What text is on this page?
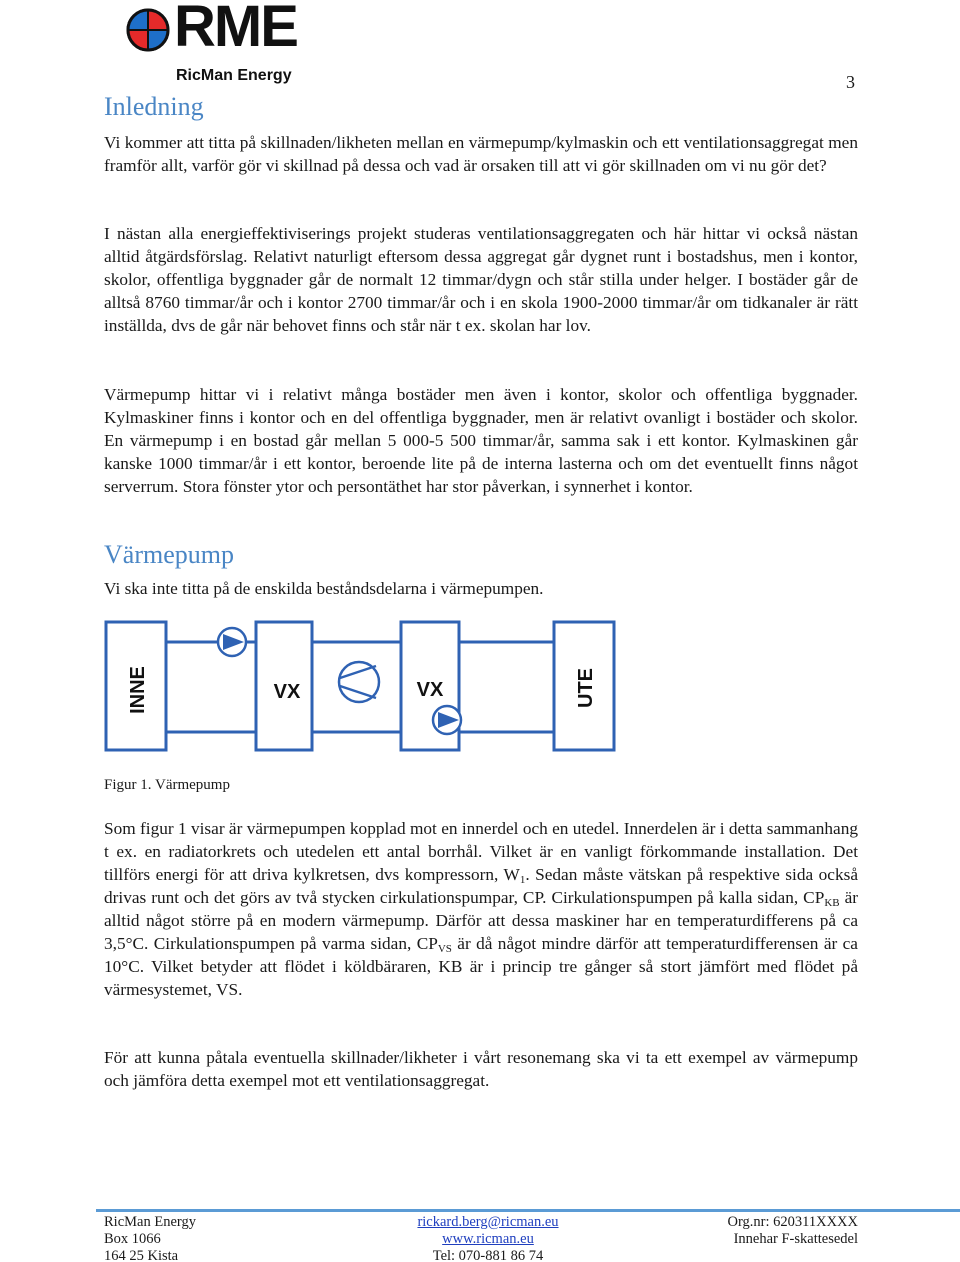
RME
RicMan Energy	3
Inledning

Vi kommer att titta på skillnaden/likheten mellan en värmepump/kylmaskin och ett ventilationsaggregat men framför allt, varför gör vi skillnad på dessa och vad är orsaken till att vi gör skillnaden om vi nu gör det?

I nästan alla energieffektiviserings projekt studeras ventilationsaggregaten och här hittar vi också nästan alltid åtgärdsförslag. Relativt naturligt eftersom dessa aggregat går dygnet runt i bostadshus, men i kontor, skolor, offentliga byggnader går de normalt 12 timmar/dygn och står stilla under helger. I bostäder går de alltså 8760 timmar/år och i kontor 2700 timmar/år och i en skola 1900-2000 timmar/år om tidkanaler är rätt inställda, dvs de går när behovet finns och står när t ex. skolan har lov.

Värmepump hittar vi i relativt många bostäder men även i kontor, skolor och offentliga byggnader. Kylmaskiner finns i kontor och en del offentliga byggnader, men är relativt ovanligt i bostäder och skolor. En värmepump i en bostad går mellan 5 000-5 500 timmar/år, samma sak i ett kontor. Kylmaskinen går kanske 1000 timmar/år i ett kontor, beroende lite på de interna lasterna och om det eventuellt finns något serverrum. Stora fönster ytor och persontäthet har stor påverkan, i synnerhet i kontor.

Värmepump

Vi ska inte titta på de enskilda beståndsdelarna i värmepumpen.

INNE	VX	VX	UTE
Figur 1. Värmepump

Som figur 1 visar är värmepumpen kopplad mot en innerdel och en utedel. Innerdelen är i detta sammanhang t ex. en radiatorkrets och utedelen ett antal borrhål. Vilket är en vanligt förkommande installation. Det tillförs energi för att driva kylkretsen, dvs kompressorn, $W_1$. Sedan måste vätskan på respektive sida också drivas runt och det görs av två stycken cirkulationspumpar, CP. Cirkulationspumpen på kalla sidan, $CP_{KB}$ är alltid något större på en modern värmepump. Därför att dessa maskiner har en temperaturdifferens på ca 3,5°C. Cirkulationspumpen på varma sidan, $CP_{VS}$ är då något mindre därför att temperaturdifferensen är ca 10°C. Vilket betyder att flödet i köldbäraren, KB är i princip tre gånger så stort jämfört med flödet på värmesystemet, VS.

För att kunna påtala eventuella skillnader/likheter i vårt resonemang ska vi ta ett exempel av värmepump och jämföra detta exempel mot ett ventilationsaggregat.

RicMan Energy
Box 1066
164 25 Kista
rickard.berg@ricman.eu
www.ricman.eu
Tel: 070-881 86 74
Org.nr: 620311XXXX
Innehar F-skattesedel
